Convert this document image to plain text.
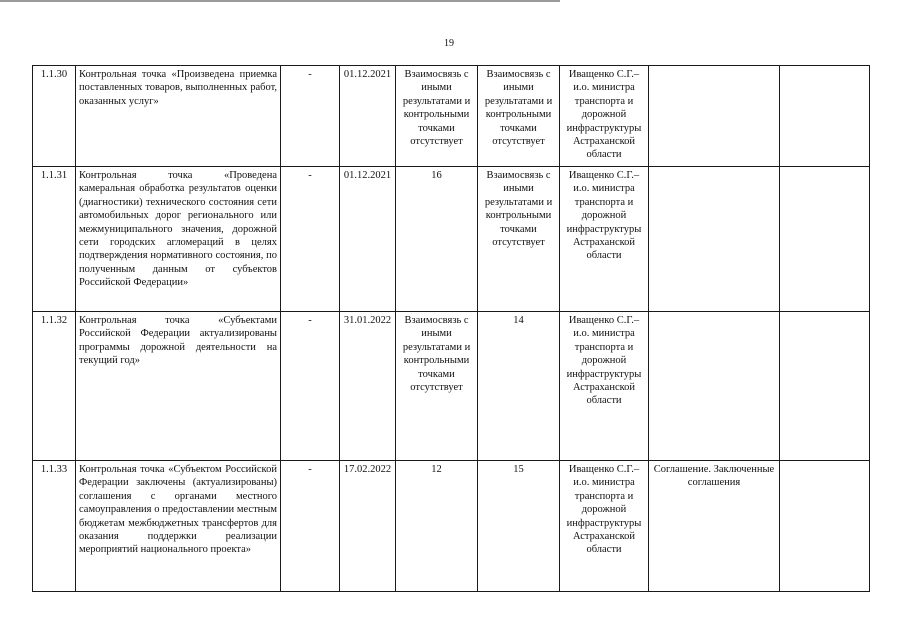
19
1.1.30	Контрольная точка «Произведена приемка поставленных товаров, выполненных работ, оказанных услуг»	-	01.12.2021	Взаимосвязь с иными результатами и контрольными точками отсутствует	Взаимосвязь с иными результатами и контрольными точками отсутствует	Иващенко С.Г.– и.о. министра транспорта и дорожной инфраструктуры Астраханской области		
1.1.31	Контрольная точка «Проведена камеральная обработка результатов оценки (диагностики) технического состояния сети автомобильных дорог регионального или межмуниципального значения, дорожной сети городских агломераций в целях подтверждения нормативного состояния, по полученным данным от субъектов Российской Федерации»	-	01.12.2021	16	Взаимосвязь с иными результатами и контрольными точками отсутствует	Иващенко С.Г.– и.о. министра транспорта и дорожной инфраструктуры Астраханской области		
1.1.32	Контрольная точка «Субъектами Российской Федерации актуализированы программы дорожной деятельности на текущий год»	-	31.01.2022	Взаимосвязь с иными результатами и контрольными точками отсутствует	14	Иващенко С.Г.– и.о. министра транспорта и дорожной инфраструктуры Астраханской области		
1.1.33	Контрольная точка «Субъектом Российской Федерации заключены (актуализированы) соглашения с органами местного самоуправления о предоставлении местным бюджетам межбюджетных трансфертов для оказания поддержки реализации мероприятий национального проекта»	-	17.02.2022	12	15	Иващенко С.Г.– и.о. министра транспорта и дорожной инфраструктуры Астраханской области	Соглашение. Заключенные соглашения	
